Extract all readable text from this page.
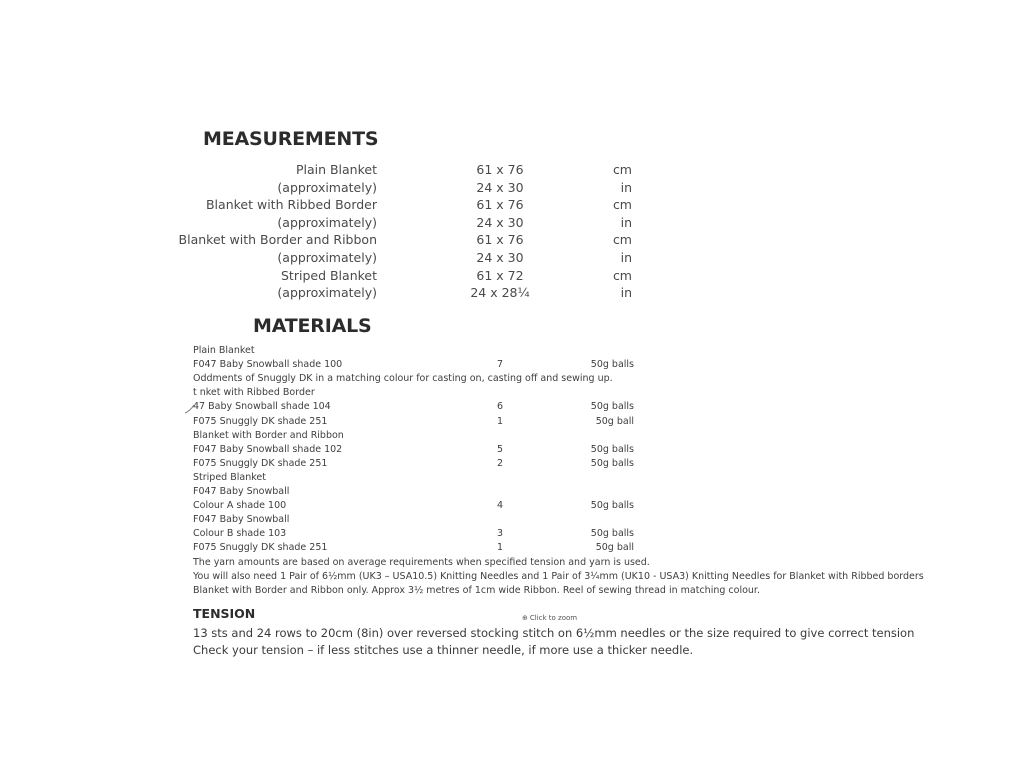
MEASUREMENTS
Plain Blanket	61 x 76	cm
(approximately)	24 x 30	in
Blanket with Ribbed Border	61 x 76	cm
(approximately)	24 x 30	in
Blanket with Border and Ribbon	61 x 76	cm
(approximately)	24 x 30	in
Striped Blanket	61 x 72	cm
(approximately)	24 x 28¼	in
MATERIALS
Plain Blanket
F047 Baby Snowball shade 100	7	50g balls
Oddments of Snuggly DK in a matching colour for casting on, casting off and sewing up.
t nket with Ribbed Border
47 Baby Snowball shade 104	6	50g balls
F075 Snuggly DK shade 251	1	50g ball
Blanket with Border and Ribbon
F047 Baby Snowball shade 102	5	50g balls
F075 Snuggly DK shade 251	2	50g balls
Striped Blanket
F047 Baby Snowball
Colour A shade 100	4	50g balls
F047 Baby Snowball
Colour B shade 103	3	50g balls
F075 Snuggly DK shade 251	1	50g ball
The yarn amounts are based on average requirements when specified tension and yarn is used.
You will also need 1 Pair of 6½mm (UK3 – USA10.5) Knitting Needles and 1 Pair of 3¼mm (UK10 - USA3) Knitting Needles for Blanket with Ribbed borders
Blanket with Border and Ribbon only. Approx 3½ metres of 1cm wide Ribbon. Reel of sewing thread in matching colour.
TENSION	⊕ Click to zoom
13 sts and 24 rows to 20cm (8in) over reversed stocking stitch on 6½mm needles or the size required to give correct tension
Check your tension – if less stitches use a thinner needle, if more use a thicker needle.
